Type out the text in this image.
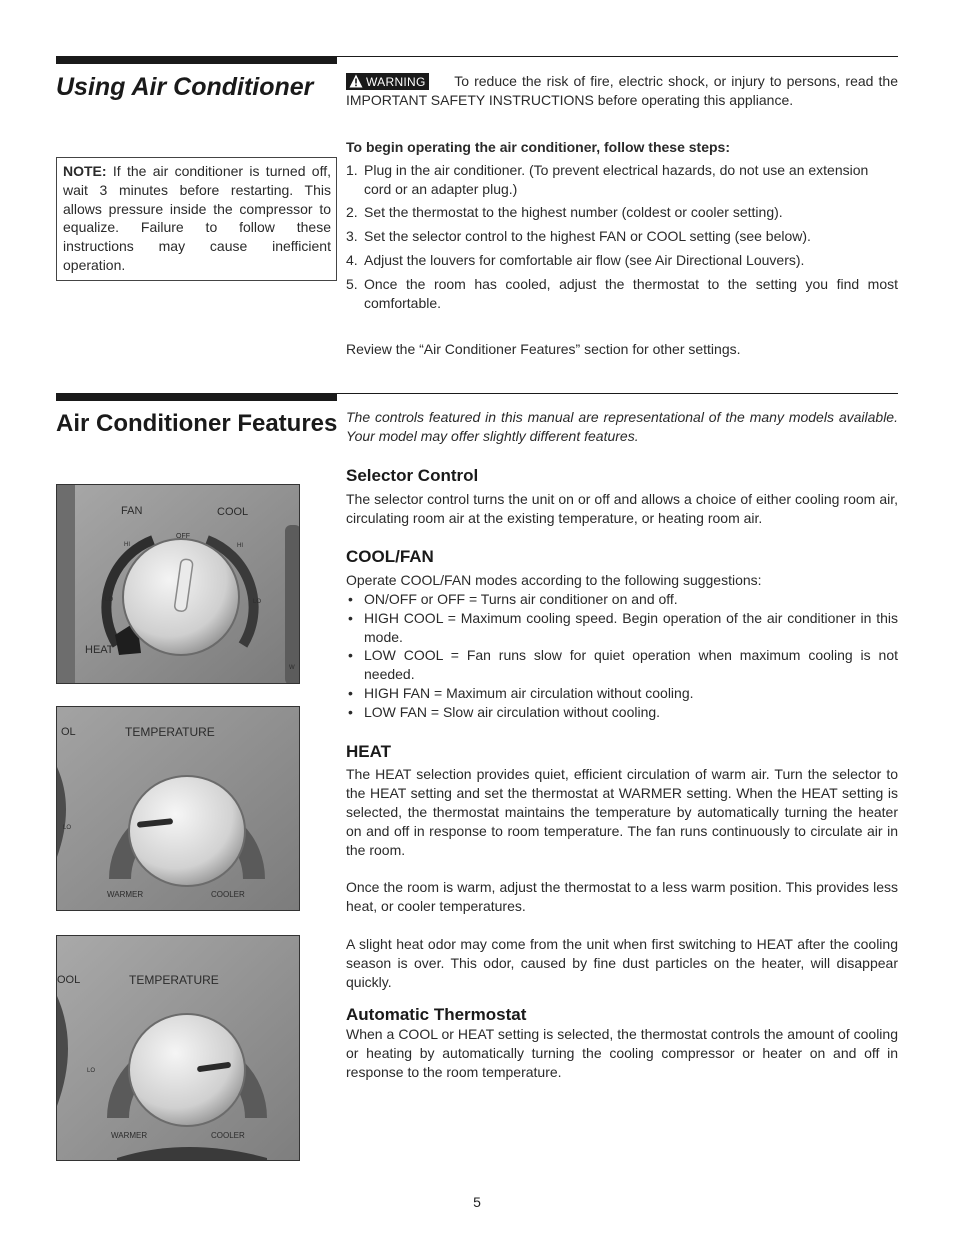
Using Air Conditioner	WARNING To reduce the risk of fire, electric shock, or injury to persons, read the IMPORTANT SAFETY INSTRUCTIONS before operating this appliance.
NOTE: If the air conditioner is turned off, wait 3 minutes before restarting. This allows pressure inside the compressor to equalize. Failure to follow these instructions may cause inefficient operation.

To begin operating the air conditioner, follow these steps:

1. Plug in the air conditioner. (To prevent electrical hazards, do not use an extension cord or an adapter plug.)
2. Set the thermostat to the highest number (coldest or cooler setting).
3. Set the selector control to the highest FAN or COOL setting (see below).
4. Adjust the louvers for comfortable air flow (see Air Directional Louvers).
5. Once the room has cooled, adjust the thermostat to the setting you find most comfortable.

Review the “Air Conditioner Features” section for other settings.

Air Conditioner Features The controls featured in this manual are representational of the many models available. Your model may offer slightly different features.
Selector Control

The selector control turns the unit on or off and allows a choice of either cooling room air, circulating room air at the existing temperature, or heating room air.

COOL/FAN

Operate COOL/FAN modes according to the following suggestions:

• ON/OFF or OFF = Turns air conditioner on and off.
• HIGH COOL = Maximum cooling speed. Begin operation of the air conditioner in this mode.
• LOW COOL = Fan runs slow for quiet operation when maximum cooling is not needed.
• HIGH FAN = Maximum air circulation without cooling.
• LOW FAN = Slow air circulation without cooling.
HEAT

The HEAT selection provides quiet, efficient circulation of warm air. Turn the selector to the HEAT setting and set the thermostat at WARMER setting. When the HEAT setting is selected, the thermostat maintains the temperature by automatically turning the heater on and off in response to room temperature. The fan runs continuously to circulate air in the room.

Once the room is warm, adjust the thermostat to a less warm position. This provides less heat, or cooler temperatures.

A slight heat odor may come from the unit when first switching to HEAT after the cooling season is over. This odor, caused by fine dust particles on the heater, will disappear quickly.

Automatic Thermostat

When a COOL or HEAT setting is selected, the thermostat controls the amount of cooling or heating by automatically turning the cooling compressor or heater on and off in response to the room temperature.

FAN	COOL
OFF
HI	HI
LO	LO
HEAT
W
OL	TEMPERATURE
LO
WARMER	COOLER
OOL	TEMPERATURE
LO
WARMER	COOLER
5
